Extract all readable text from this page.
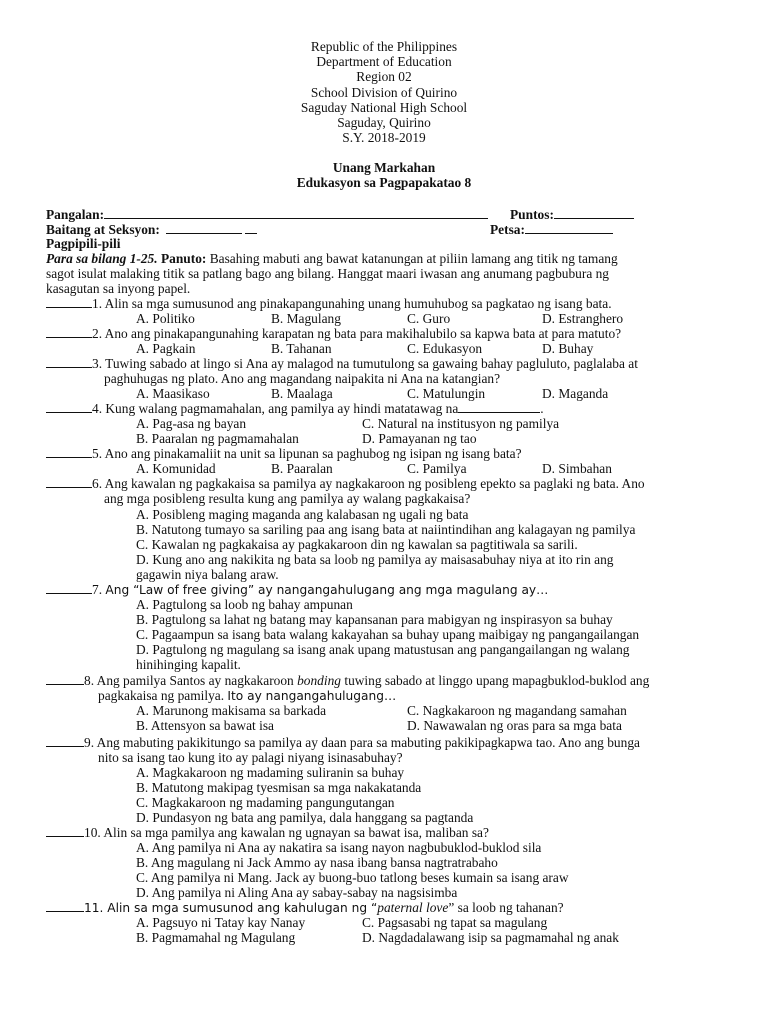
Republic of the Philippines
Department of Education
Region 02
School Division of Quirino
Saguday National High School
Saguday, Quirino
S.Y. 2018-2019
Unang Markahan
Edukasyon sa Pagpapakatao 8
Pangalan:	Puntos:
Baitang at Seksyon:	Petsa:
Pagpipili-pili
Para sa bilang 1-25. Panuto: Basahing mabuti ang bawat katanungan at piliin lamang ang titik ng tamang
sagot isulat malaking titik sa patlang bago ang bilang. Hanggat maari iwasan ang anumang pagbubura ng
kasagutan sa inyong papel.
1. Alin sa mga sumusunod ang pinakapangunahing unang humuhubog sa pagkatao ng isang bata.
A. Politiko	B. Magulang	C. Guro	D. Estranghero
2. Ano ang pinakapangunahing karapatan ng bata para makihalubilo sa kapwa bata at para matuto?
A. Pagkain	B. Tahanan	C. Edukasyon	D. Buhay
3. Tuwing sabado at lingo si Ana ay malagod na tumutulong sa gawaing bahay pagluluto, paglalaba at
paghuhugas ng plato. Ano ang magandang naipakita ni Ana na katangian?
A. Maasikaso	B. Maalaga	C. Matulungin	D. Maganda
4. Kung walang pagmamahalan, ang pamilya ay hindi matatawag na	.
A. Pag-asa ng bayan	C. Natural na institusyon ng pamilya
B. Paaralan ng pagmamahalan	D. Pamayanan ng tao
5. Ano ang pinakamaliit na unit sa lipunan sa paghubog ng isipan ng isang bata?
A. Komunidad	B. Paaralan	C. Pamilya	D. Simbahan
6. Ang kawalan ng pagkakaisa sa pamilya ay nagkakaroon ng posibleng epekto sa paglaki ng bata. Ano
ang mga posibleng resulta kung ang pamilya ay walang pagkakaisa?
A. Posibleng maging maganda ang kalabasan ng ugali ng bata
B. Natutong tumayo sa sariling paa ang isang bata at naiintindihan ang kalagayan ng pamilya
C. Kawalan ng pagkakaisa ay pagkakaroon din ng kawalan sa pagtitiwala sa sarili.
D. Kung ano ang nakikita ng bata sa loob ng pamilya ay maisasabuhay niya at ito rin ang
gagawin niya balang araw.
7. Ang “Law of free giving” ay nangangahulugang ang mga magulang ay…
A. Pagtulong sa loob ng bahay ampunan
B. Pagtulong sa lahat ng batang may kapansanan para mabigyan ng inspirasyon sa buhay
C. Pagaampun sa isang bata walang kakayahan sa buhay upang maibigay ng pangangailangan
D. Pagtulong ng magulang sa isang anak upang matustusan ang pangangailangan ng walang
hinihinging kapalit.
8. Ang pamilya Santos ay nagkakaroon bonding tuwing sabado at linggo upang mapagbuklod-buklod ang
pagkakaisa ng pamilya. Ito ay nangangahulugang…
A. Marunong makisama sa barkada	C. Nagkakaroon ng magandang samahan
B. Attensyon sa bawat isa	D. Nawawalan ng oras para sa mga bata
9. Ang mabuting pakikitungo sa pamilya ay daan para sa mabuting pakikipagkapwa tao. Ano ang bunga
nito sa isang tao kung ito ay palagi niyang isinasabuhay?
A. Magkakaroon ng madaming suliranin sa buhay
B. Matutong makipag tyesmisan sa mga nakakatanda
C. Magkakaroon ng madaming pangungutangan
D. Pundasyon ng bata ang pamilya, dala hanggang sa pagtanda
10. Alin sa mga pamilya ang kawalan ng ugnayan sa bawat isa, maliban sa?
A. Ang pamilya ni Ana ay nakatira sa isang nayon nagbubuklod-buklod sila
B. Ang magulang ni Jack Ammo ay nasa ibang bansa nagtratrabaho
C. Ang pamilya ni Mang. Jack ay buong-buo tatlong beses kumain sa isang araw
D. Ang pamilya ni Aling Ana ay sabay-sabay na nagsisimba
11. Alin sa mga sumusunod ang kahulugan ng “paternal love” sa loob ng tahanan?
A. Pagsuyo ni Tatay kay Nanay	C. Pagsasabi ng tapat sa magulang
B. Pagmamahal ng Magulang	D. Nagdadalawang isip sa pagmamahal ng anak
